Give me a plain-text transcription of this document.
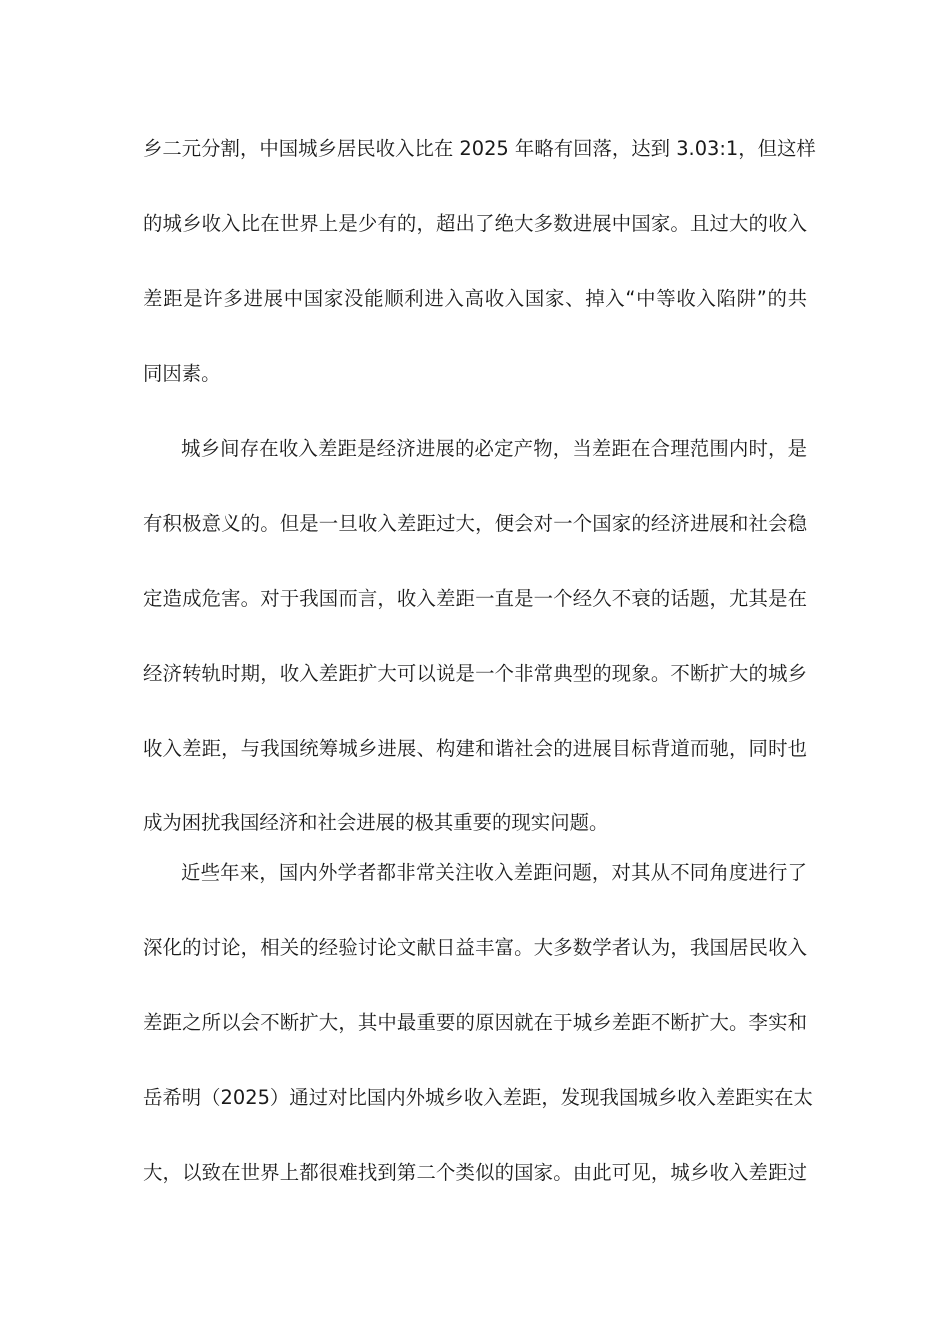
乡二元分割，中国城乡居民收入比在 2025 年略有回落，达到 3.03:1，但这样
的城乡收入比在世界上是少有的，超出了绝大多数进展中国家。且过大的收入
差距是许多进展中国家没能顺利进入高收入国家、掉入“中等收入陷阱”的共
同因素。
城乡间存在收入差距是经济进展的必定产物，当差距在合理范围内时，是
有积极意义的。但是一旦收入差距过大，便会对一个国家的经济进展和社会稳
定造成危害。对于我国而言，收入差距一直是一个经久不衰的话题，尤其是在
经济转轨时期，收入差距扩大可以说是一个非常典型的现象。不断扩大的城乡
收入差距，与我国统筹城乡进展、构建和谐社会的进展目标背道而驰，同时也
成为困扰我国经济和社会进展的极其重要的现实问题。
近些年来，国内外学者都非常关注收入差距问题，对其从不同角度进行了
深化的讨论，相关的经验讨论文献日益丰富。大多数学者认为，我国居民收入
差距之所以会不断扩大，其中最重要的原因就在于城乡差距不断扩大。李实和
岳希明（2025）通过对比国内外城乡收入差距，发现我国城乡收入差距实在太
大，以致在世界上都很难找到第二个类似的国家。由此可见，城乡收入差距过
